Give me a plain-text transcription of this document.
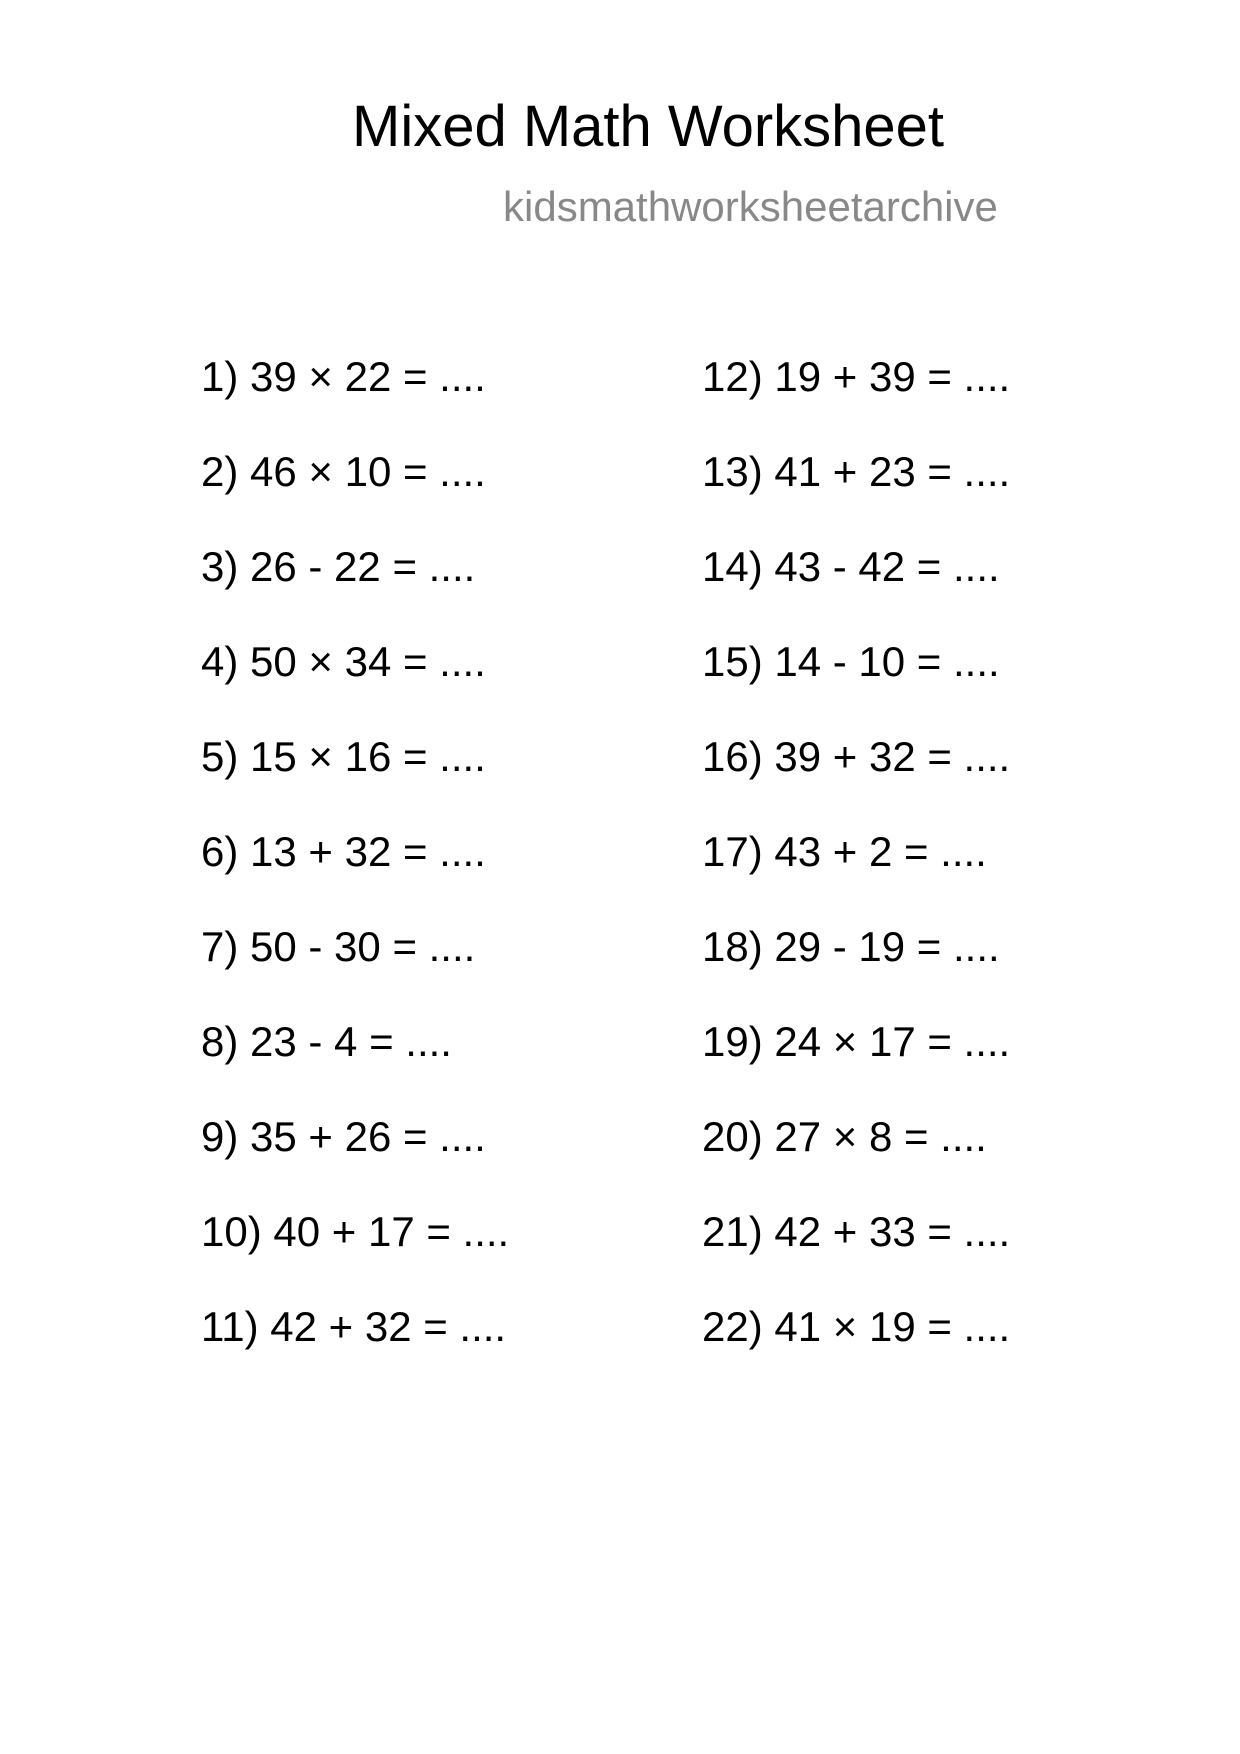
Mixed Math Worksheet
kidsmathworksheetarchive
1) 39 × 22 = ....
2) 46 × 10 = ....
3) 26 - 22 = ....
4) 50 × 34 = ....
5) 15 × 16 = ....
6) 13 + 32 = ....
7) 50 - 30 = ....
8) 23 - 4 = ....
9) 35 + 26 = ....
10) 40 + 17 = ....
11) 42 + 32 = ....
12) 19 + 39 = ....
13) 41 + 23 = ....
14) 43 - 42 = ....
15) 14 - 10 = ....
16) 39 + 32 = ....
17) 43 + 2 = ....
18) 29 - 19 = ....
19) 24 × 17 = ....
20) 27 × 8 = ....
21) 42 + 33 = ....
22) 41 × 19 = ....
